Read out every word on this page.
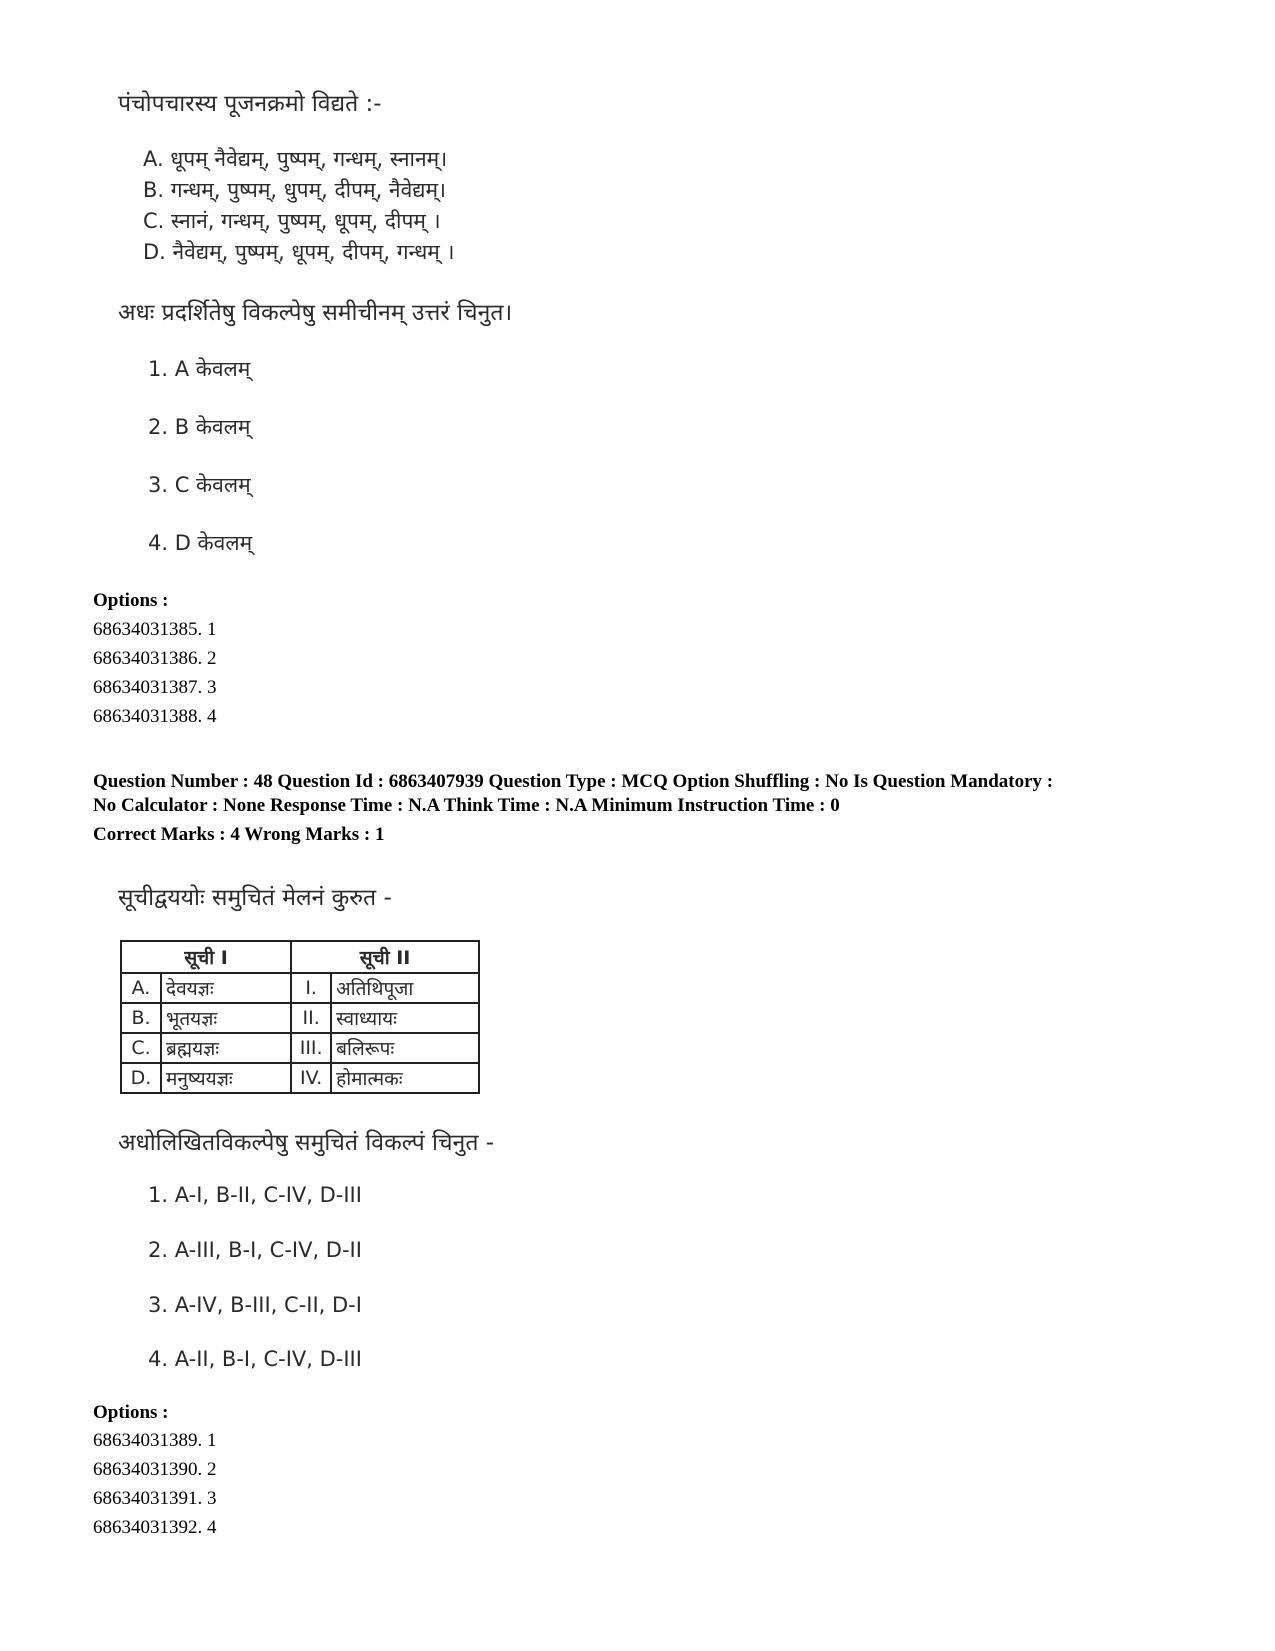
पंचोपचारस्य पूजनक्रमो विद्यते :-
A. धूपम् नैवेद्यम्, पुष्पम्, गन्धम्, स्नानम्।
B. गन्धम्, पुष्पम्, धुपम्, दीपम्, नैवेद्यम्।
C. स्नानं, गन्धम्, पुष्पम्, धूपम्, दीपम् ।
D. नैवेद्यम्, पुष्पम्, धूपम्, दीपम्, गन्धम् ।
अधः प्रदर्शितेषु विकल्पेषु समीचीनम् उत्तरं चिनुत।
1. A केवलम्
2. B केवलम्
3. C केवलम्
4. D केवलम्
Options :
68634031385. 1
68634031386. 2
68634031387. 3
68634031388. 4
Question Number : 48 Question Id : 6863407939 Question Type : MCQ Option Shuffling : No Is Question Mandatory :
No Calculator : None Response Time : N.A Think Time : N.A Minimum Instruction Time : 0
Correct Marks : 4 Wrong Marks : 1
सूचीद्वययोः समुचितं मेलनं कुरुत -
सूची I		सूची II	
A.	देवयज्ञः	I.	अतिथिपूजा
B.	भूतयज्ञः	II.	स्वाध्यायः
C.	ब्रह्मयज्ञः	III.	बलिरूपः
D.	मनुष्ययज्ञः	IV.	होमात्मकः
अधोलिखितविकल्पेषु समुचितं विकल्पं चिनुत -
1. A-I, B-II, C-IV, D-III
2. A-III, B-I, C-IV, D-II
3. A-IV, B-III, C-II, D-I
4. A-II, B-I, C-IV, D-III
Options :
68634031389. 1
68634031390. 2
68634031391. 3
68634031392. 4
